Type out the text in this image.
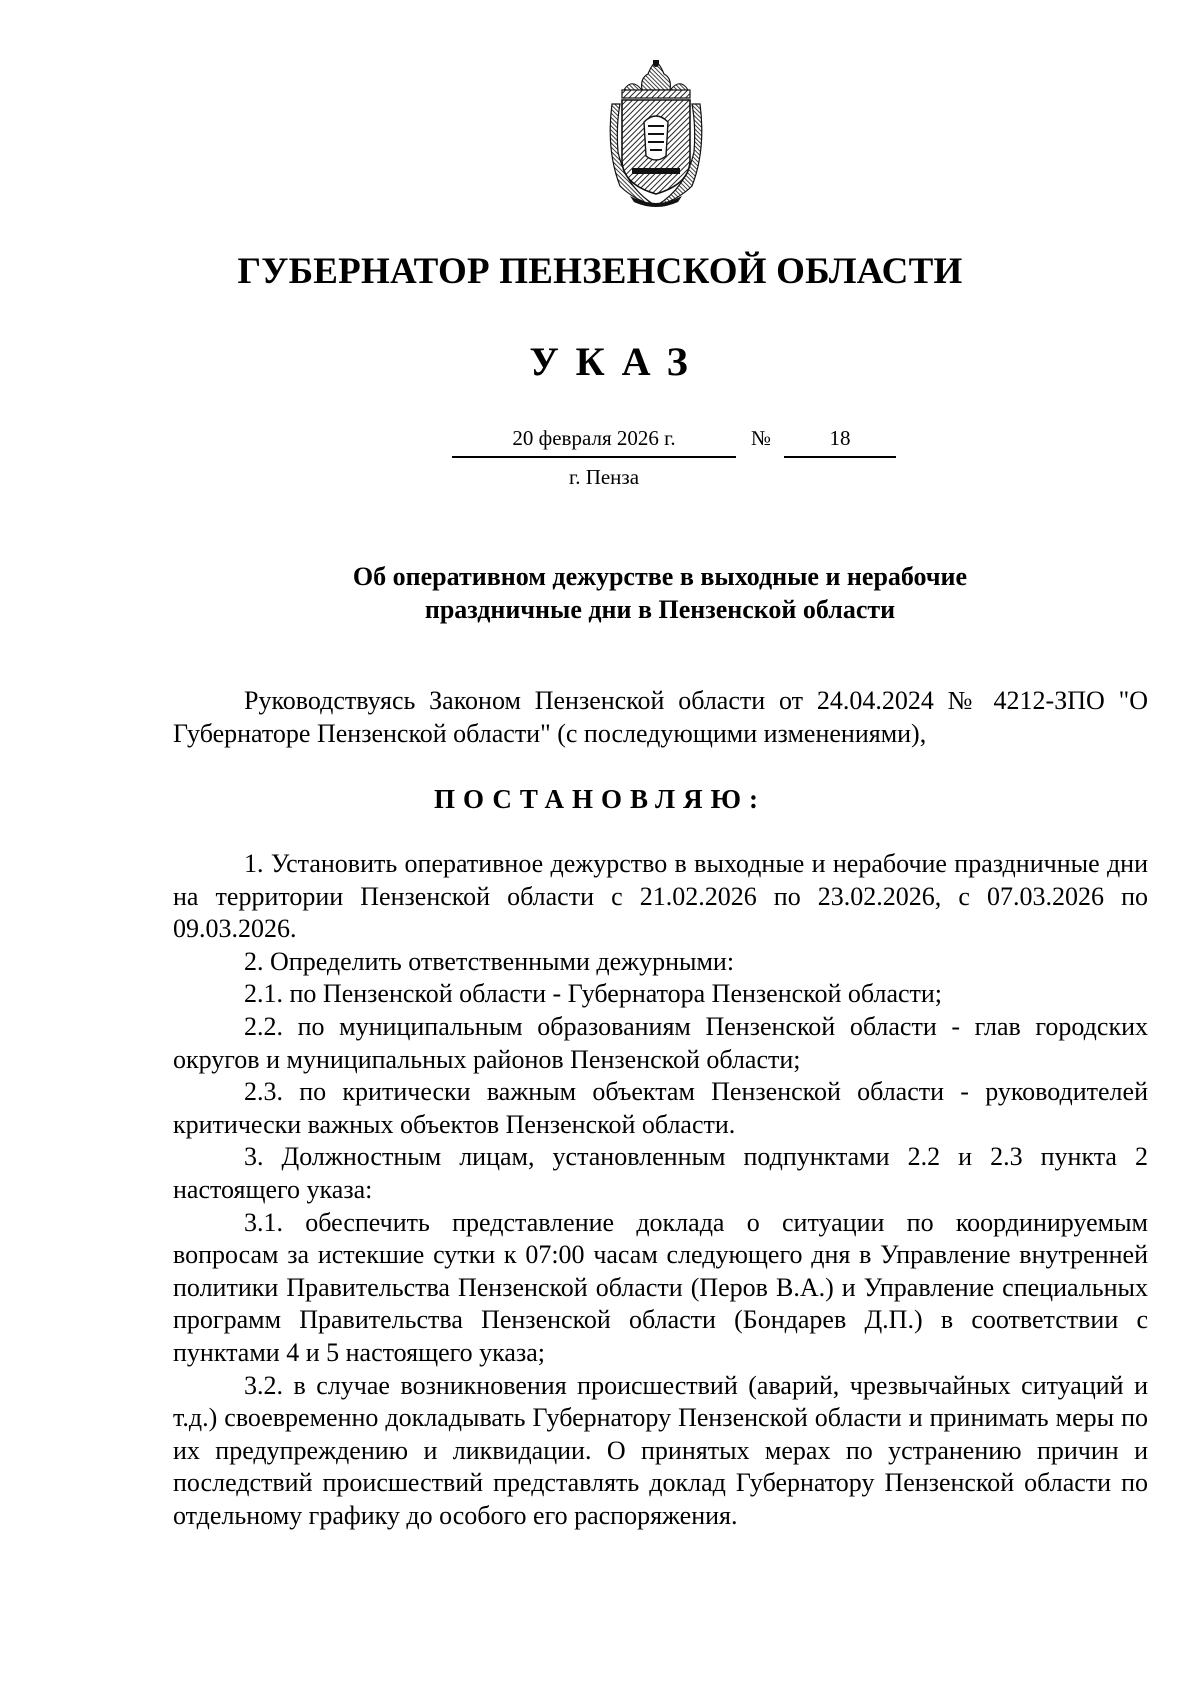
ГУБЕРНАТОР ПЕНЗЕНСКОЙ ОБЛАСТИ
УКАЗ
20 февраля 2026 г.	№	18
г. Пенза
Об оперативном дежурстве в выходные и нерабочие
праздничные дни в Пензенской области

Руководствуясь Законом Пензенской области от 24.04.2024 № 4212-ЗПО "О Губернаторе Пензенской области" (с последующими изменениями),

ПОСТАНОВЛЯЮ:

1. Установить оперативное дежурство в выходные и нерабочие праздничные дни на территории Пензенской области с 21.02.2026 по 23.02.2026, с 07.03.2026 по 09.03.2026.

2. Определить ответственными дежурными:

2.1. по Пензенской области - Губернатора Пензенской области;

2.2. по муниципальным образованиям Пензенской области - глав городских округов и муниципальных районов Пензенской области;

2.3. по критически важным объектам Пензенской области - руководителей критически важных объектов Пензенской области.

3. Должностным лицам, установленным подпунктами 2.2 и 2.3 пункта 2 настоящего указа:

3.1. обеспечить представление доклада о ситуации по координируемым вопросам за истекшие сутки к 07:00 часам следующего дня в Управление внутренней политики Правительства Пензенской области (Перов В.А.) и Управление специальных программ Правительства Пензенской области (Бондарев Д.П.) в соответствии с пунктами 4 и 5 настоящего указа;

3.2. в случае возникновения происшествий (аварий, чрезвычайных ситуаций и т.д.) своевременно докладывать Губернатору Пензенской области и принимать меры по их предупреждению и ликвидации. О принятых мерах по устранению причин и последствий происшествий представлять доклад Губернатору Пензенской области по отдельному графику до особого его распоряжения.
